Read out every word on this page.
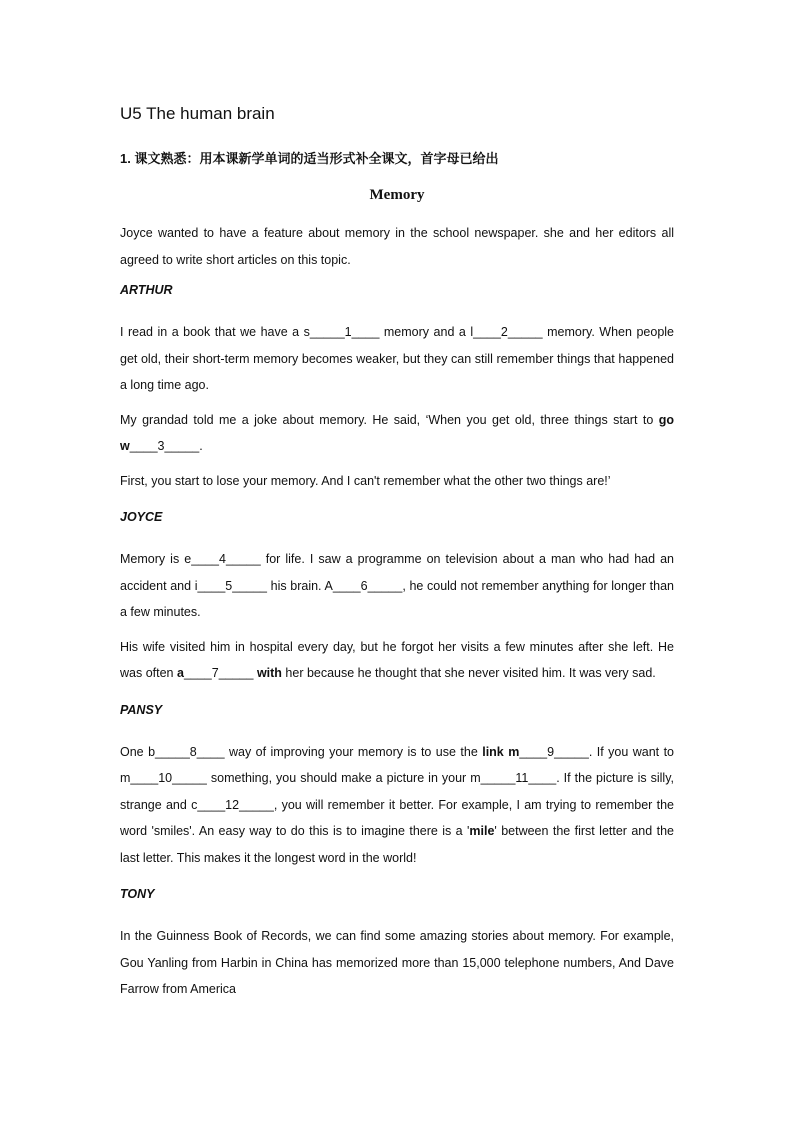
U5 The human brain
1. 课文熟悉：用本课新学单词的适当形式补全课文，首字母已给出
Memory

Joyce wanted to have a feature about memory in the school newspaper. she and her editors all agreed to write short articles on this topic.

ARTHUR

I read in a book that we have a s_____1____ memory and a l____2_____ memory. When people get old, their short-term memory becomes weaker, but they can still remember things that happened a long time ago.

My grandad told me a joke about memory. He said, ‘When you get old, three things start to go w____3_____.

First, you start to lose your memory. And I can't remember what the other two things are!’

JOYCE

Memory is e____4_____ for life. I saw a programme on television about a man who had had an accident and i____5_____ his brain. A____6_____, he could not remember anything for longer than a few minutes.

His wife visited him in hospital every day, but he forgot her visits a few minutes after she left. He was often a____7_____ with her because he thought that she never visited him. It was very sad.

PANSY

One b_____8____ way of improving your memory is to use the link m____9_____. If you want to m____10_____ something, you should make a picture in your m_____11____. If the picture is silly, strange and c____12_____, you will remember it better. For example, I am trying to remember the word 'smiles'. An easy way to do this is to imagine there is a 'mile' between the first letter and the last letter. This makes it the longest word in the world!

TONY

In the Guinness Book of Records, we can find some amazing stories about memory. For example, Gou Yanling from Harbin in China has memorized more than 15,000 telephone numbers, And Dave Farrow from America
